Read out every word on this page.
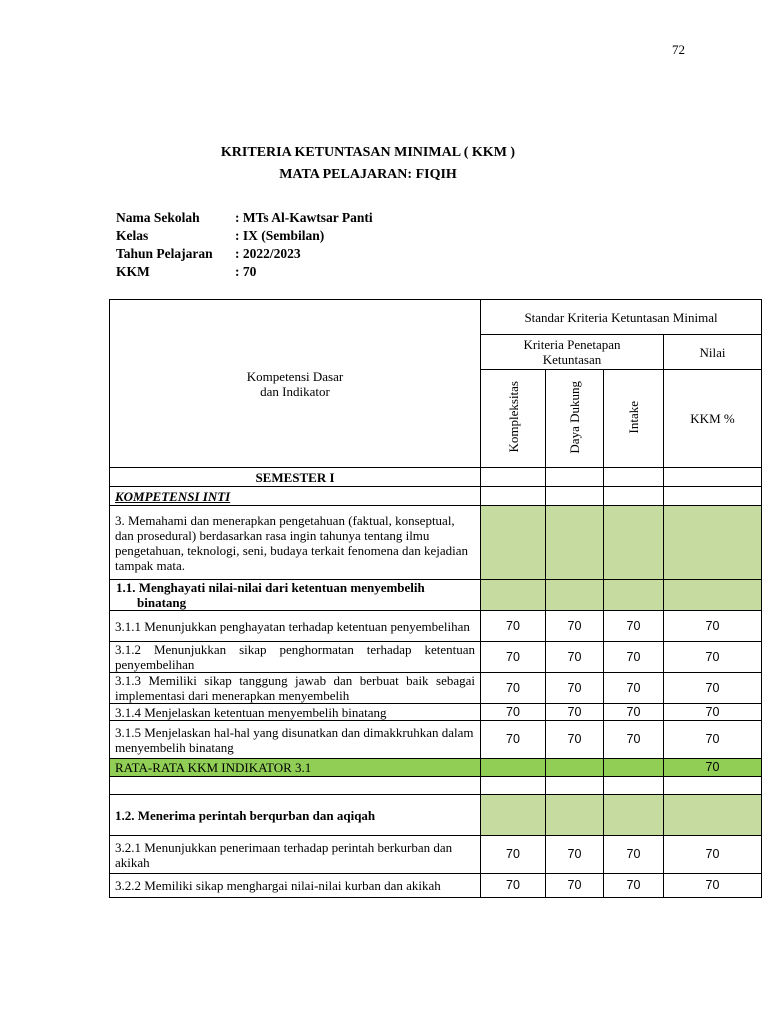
72
KRITERIA KETUNTASAN MINIMAL ( KKM )
MATA PELAJARAN: FIQIH
Nama Sekolah	: MTs Al-Kawtsar Panti
Kelas	: IX (Sembilan)
Tahun Pelajaran	: 2022/2023
KKM	: 70
Kompetensi Dasar
dan Indikator	Standar Kriteria Ketuntasan Minimal			
	Kriteria Penetapan
Ketuntasan			Nilai
	Kompleksitas	Daya Dukung	Intake	KKM %
SEMESTER I				
KOMPETENSI INTI				
3. Memahami dan menerapkan pengetahuan (faktual, konseptual, dan prosedural) berdasarkan rasa ingin tahunya tentang ilmu pengetahuan, teknologi, seni, budaya terkait fenomena dan kejadian tampak mata.				

1.1. Menghayati nilai-nilai dari ketentuan menyembelih binatang				

3.1.1 Menunjukkan penghayatan terhadap ketentuan penyembelihan	70	70	70	70
3.1.2 Menunjukkan sikap penghormatan terhadap ketentuan penyembelihan	70	70	70	70
3.1.3 Memiliki sikap tanggung jawab dan berbuat baik sebagai implementasi dari menerapkan menyembelih	70	70	70	70
3.1.4 Menjelaskan ketentuan menyembelih binatang	70	70	70	70
3.1.5 Menjelaskan hal-hal yang disunatkan dan dimakkruhkan dalam menyembelih binatang	70	70	70	70
RATA-RATA KKM INDIKATOR 3.1				70

1.2. Menerima perintah berqurban dan aqiqah				
3.2.1 Menunjukkan penerimaan terhadap perintah berkurban dan akikah	70	70	70	70
3.2.2 Memiliki sikap menghargai nilai-nilai kurban dan akikah	70	70	70	70
